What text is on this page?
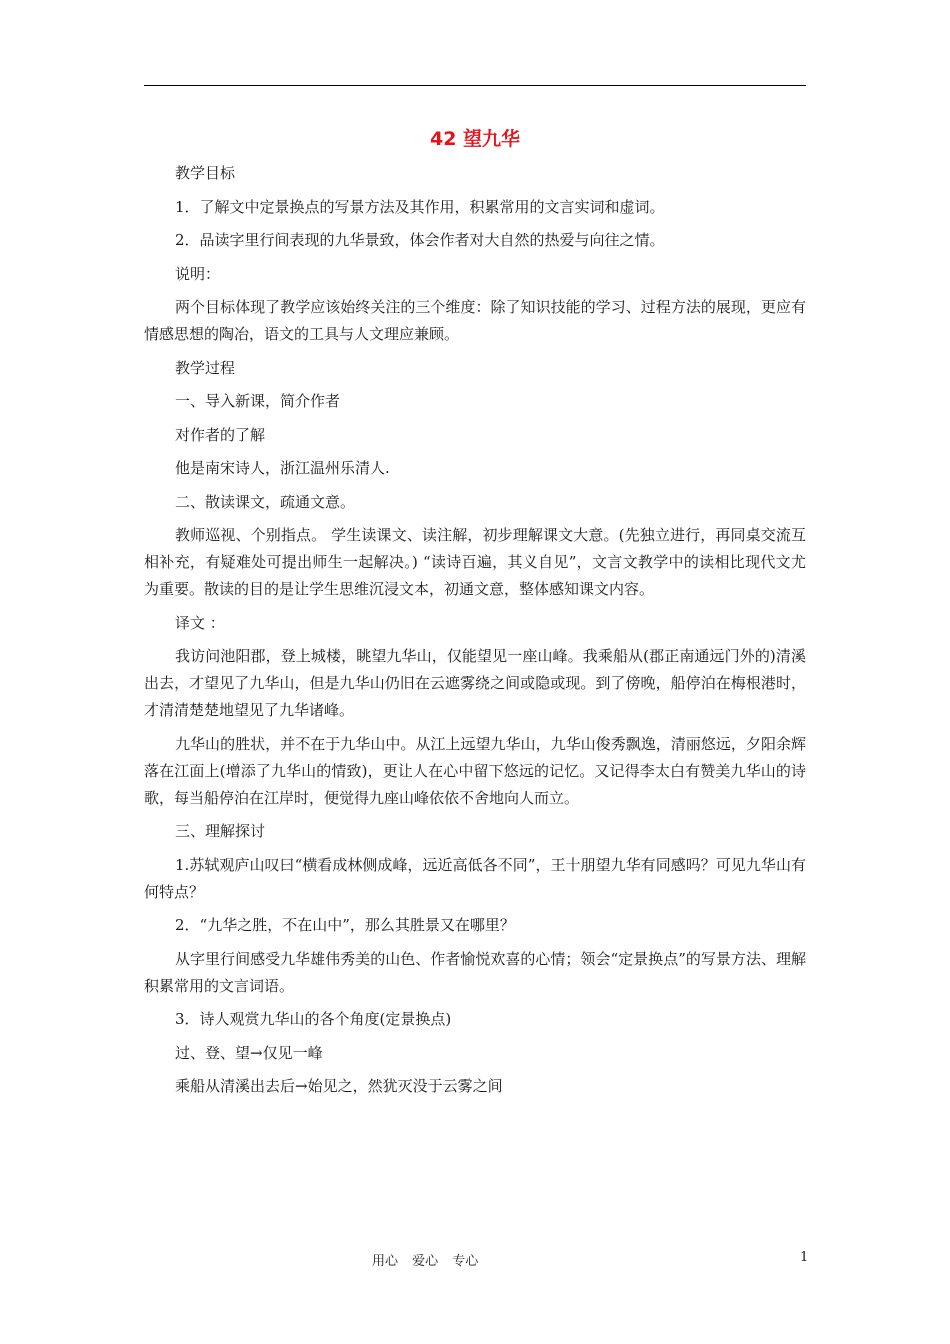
42 望九华

教学目标

1．了解文中定景换点的写景方法及其作用，积累常用的文言实词和虚词。

2．品读字里行间表现的九华景致，体会作者对大自然的热爱与向往之情。

说明：

两个目标体现了教学应该始终关注的三个维度：除了知识技能的学习、过程方法的展现，更应有情感思想的陶冶，语文的工具与人文理应兼顾。

教学过程

一、导入新课，简介作者

对作者的了解

他是南宋诗人，浙江温州乐清人.

二、散读课文，疏通文意。

教师巡视、个别指点。 学生读课文、读注解，初步理解课文大意。(先独立进行，再同桌交流互相补充，有疑难处可提出师生一起解决。) “读诗百遍，其义自见”，文言文教学中的读相比现代文尤为重要。散读的目的是让学生思维沉浸文本，初通文意，整体感知课文内容。

译文 ：

我访问池阳郡，登上城楼，眺望九华山，仅能望见一座山峰。我乘船从(郡正南通远门外的)清溪出去，才望见了九华山，但是九华山仍旧在云遮雾绕之间或隐或现。到了傍晚，船停泊在梅根港时，才清清楚楚地望见了九华诸峰。

九华山的胜状，并不在于九华山中。从江上远望九华山，九华山俊秀飘逸，清丽悠远，夕阳余辉落在江面上(增添了九华山的情致)，更让人在心中留下悠远的记忆。又记得李太白有赞美九华山的诗歌，每当船停泊在江岸时，便觉得九座山峰依依不舍地向人而立。

三、理解探讨

1.苏轼观庐山叹曰“横看成林侧成峰，远近高低各不同”，王十朋望九华有同感吗？可见九华山有何特点？

2．“九华之胜，不在山中”，那么其胜景又在哪里？

从字里行间感受九华雄伟秀美的山色、作者愉悦欢喜的心情；领会“定景换点”的写景方法、理解积累常用的文言词语。

3．诗人观赏九华山的各个角度(定景换点)

过、登、望→仅见一峰

乘船从清溪出去后→始见之，然犹灭没于云雾之间

用心 爱心 专心	1
